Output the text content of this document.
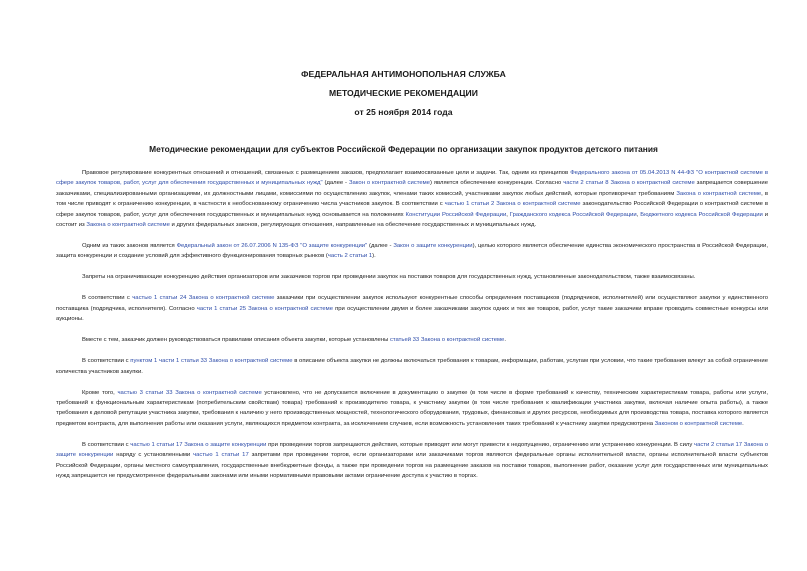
ФЕДЕРАЛЬНАЯ АНТИМОНОПОЛЬНАЯ СЛУЖБА
МЕТОДИЧЕСКИЕ РЕКОМЕНДАЦИИ
от 25 ноября 2014 года
Методические рекомендации для субъектов Российской Федерации по организации закупок продуктов детского питания

Правовое регулирование конкурентных отношений и отношений, связанных с размещением заказов, предполагает взаимосвязанные цели и задачи. Так, одним из принципов Федерального закона от 05.04.2013 N 44-ФЗ "О контрактной системе в сфере закупок товаров, работ, услуг для обеспечения государственных и муниципальных нужд" (далее - Закон о контрактной системе) является обеспечение конкуренции. Согласно части 2 статьи 8 Закона о контрактной системе запрещается совершение заказчиками, специализированными организациями, их должностными лицами, комиссиями по осуществлению закупок, членами таких комиссий, участниками закупок любых действий, которые противоречат требованиям Закона о контрактной системе, в том числе приводят к ограничению конкуренции, в частности к необоснованному ограничению числа участников закупок. В соответствии с частью 1 статьи 2 Закона о контрактной системе законодательство Российской Федерации о контрактной системе в сфере закупок товаров, работ, услуг для обеспечения государственных и муниципальных нужд основывается на положениях Конституции Российской Федерации, Гражданского кодекса Российской Федерации, Бюджетного кодекса Российской Федерации и состоит из Закона о контрактной системе и других федеральных законов, регулирующих отношения, направленные на обеспечение государственных и муниципальных нужд.

Одним из таких законов является Федеральный закон от 26.07.2006 N 135-ФЗ "О защите конкуренции" (далее - Закон о защите конкуренции), целью которого является обеспечение единства экономического пространства в Российской Федерации, защита конкуренции и создание условий для эффективного функционирования товарных рынков (часть 2 статьи 1).

Запреты на ограничивающие конкуренцию действия организаторов или заказчиков торгов при проведении закупок на поставки товаров для государственных нужд, установленные законодательством, также взаимосвязаны.

В соответствии с частью 1 статьи 24 Закона о контрактной системе заказчики при осуществлении закупок используют конкурентные способы определения поставщиков (подрядчиков, исполнителей) или осуществляют закупки у единственного поставщика (подрядчика, исполнителя). Согласно части 1 статьи 25 Закона о контрактной системе при осуществлении двумя и более заказчиками закупок одних и тех же товаров, работ, услуг такие заказчики вправе проводить совместные конкурсы или аукционы.

Вместе с тем, заказчик должен руководствоваться правилами описания объекта закупки, которые установлены статьей 33 Закона о контрактной системе.

В соответствии с пунктом 1 части 1 статьи 33 Закона о контрактной системе в описание объекта закупки не должны включаться требования к товарам, информации, работам, услугам при условии, что такие требования влекут за собой ограничение количества участников закупки.

Кроме того, частью 3 статьи 33 Закона о контрактной системе установлено, что не допускается включение в документацию о закупке (в том числе в форме требований к качеству, техническим характеристикам товара, работы или услуги, требований к функциональным характеристикам (потребительским свойствам) товара) требований к производителю товара, к участнику закупки (в том числе требования к квалификации участника закупки, включая наличие опыта работы), а также требования к деловой репутации участника закупки, требования к наличию у него производственных мощностей, технологического оборудования, трудовых, финансовых и других ресурсов, необходимых для производства товара, поставка которого является предметом контракта, для выполнения работы или оказания услуги, являющихся предметом контракта, за исключением случаев, если возможность установления таких требований к участнику закупки предусмотрена Законом о контрактной системе.

В соответствии с частью 1 статьи 17 Закона о защите конкуренции при проведении торгов запрещаются действия, которые приводят или могут привести к недопущению, ограничению или устранению конкуренции. В силу части 2 статьи 17 Закона о защите конкуренции наряду с установленными частью 1 статьи 17 запретами при проведении торгов, если организаторами или заказчиками торгов являются федеральные органы исполнительной власти, органы исполнительной власти субъектов Российской Федерации, органы местного самоуправления, государственные внебюджетные фонды, а также при проведении торгов на размещение заказов на поставки товаров, выполнение работ, оказание услуг для государственных или муниципальных нужд запрещается не предусмотренное федеральными законами или иными нормативными правовыми актами ограничение доступа к участию в торгах.
